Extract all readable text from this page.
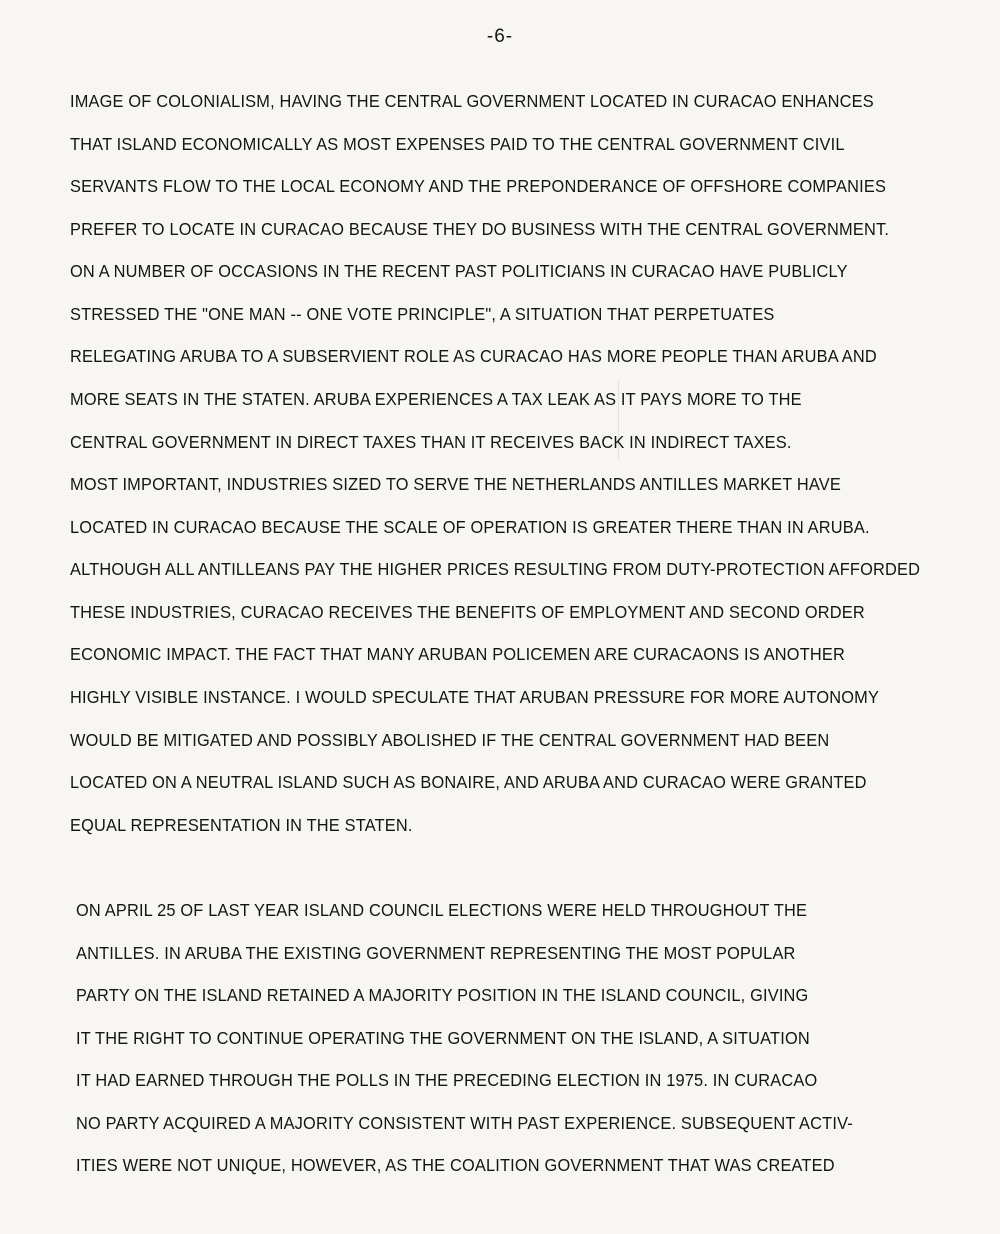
-6-
IMAGE OF COLONIALISM, HAVING THE CENTRAL GOVERNMENT LOCATED IN CURACAO ENHANCES
THAT ISLAND ECONOMICALLY AS MOST EXPENSES PAID TO THE CENTRAL GOVERNMENT CIVIL
SERVANTS FLOW TO THE LOCAL ECONOMY AND THE PREPONDERANCE OF OFFSHORE COMPANIES
PREFER TO LOCATE IN CURACAO BECAUSE THEY DO BUSINESS WITH THE CENTRAL GOVERNMENT.
ON A NUMBER OF OCCASIONS IN THE RECENT PAST POLITICIANS IN CURACAO HAVE PUBLICLY
STRESSED THE "ONE MAN -- ONE VOTE PRINCIPLE", A SITUATION THAT PERPETUATES
RELEGATING ARUBA TO A SUBSERVIENT ROLE AS CURACAO HAS MORE PEOPLE THAN ARUBA AND
MORE SEATS IN THE STATEN. ARUBA EXPERIENCES A TAX LEAK AS IT PAYS MORE TO THE
CENTRAL GOVERNMENT IN DIRECT TAXES THAN IT RECEIVES BACK IN INDIRECT TAXES.
MOST IMPORTANT, INDUSTRIES SIZED TO SERVE THE NETHERLANDS ANTILLES MARKET HAVE
LOCATED IN CURACAO BECAUSE THE SCALE OF OPERATION IS GREATER THERE THAN IN ARUBA.
ALTHOUGH ALL ANTILLEANS PAY THE HIGHER PRICES RESULTING FROM DUTY-PROTECTION AFFORDED
THESE INDUSTRIES, CURACAO RECEIVES THE BENEFITS OF EMPLOYMENT AND SECOND ORDER
ECONOMIC IMPACT. THE FACT THAT MANY ARUBAN POLICEMEN ARE CURACAONS IS ANOTHER
HIGHLY VISIBLE INSTANCE. I WOULD SPECULATE THAT ARUBAN PRESSURE FOR MORE AUTONOMY
WOULD BE MITIGATED AND POSSIBLY ABOLISHED IF THE CENTRAL GOVERNMENT HAD BEEN
LOCATED ON A NEUTRAL ISLAND SUCH AS BONAIRE, AND ARUBA AND CURACAO WERE GRANTED
EQUAL REPRESENTATION IN THE STATEN.
ON APRIL 25 OF LAST YEAR ISLAND COUNCIL ELECTIONS WERE HELD THROUGHOUT THE
ANTILLES. IN ARUBA THE EXISTING GOVERNMENT REPRESENTING THE MOST POPULAR
PARTY ON THE ISLAND RETAINED A MAJORITY POSITION IN THE ISLAND COUNCIL, GIVING
IT THE RIGHT TO CONTINUE OPERATING THE GOVERNMENT ON THE ISLAND, A SITUATION
IT HAD EARNED THROUGH THE POLLS IN THE PRECEDING ELECTION IN 1975. IN CURACAO
NO PARTY ACQUIRED A MAJORITY CONSISTENT WITH PAST EXPERIENCE. SUBSEQUENT ACTIV-
ITIES WERE NOT UNIQUE, HOWEVER, AS THE COALITION GOVERNMENT THAT WAS CREATED
